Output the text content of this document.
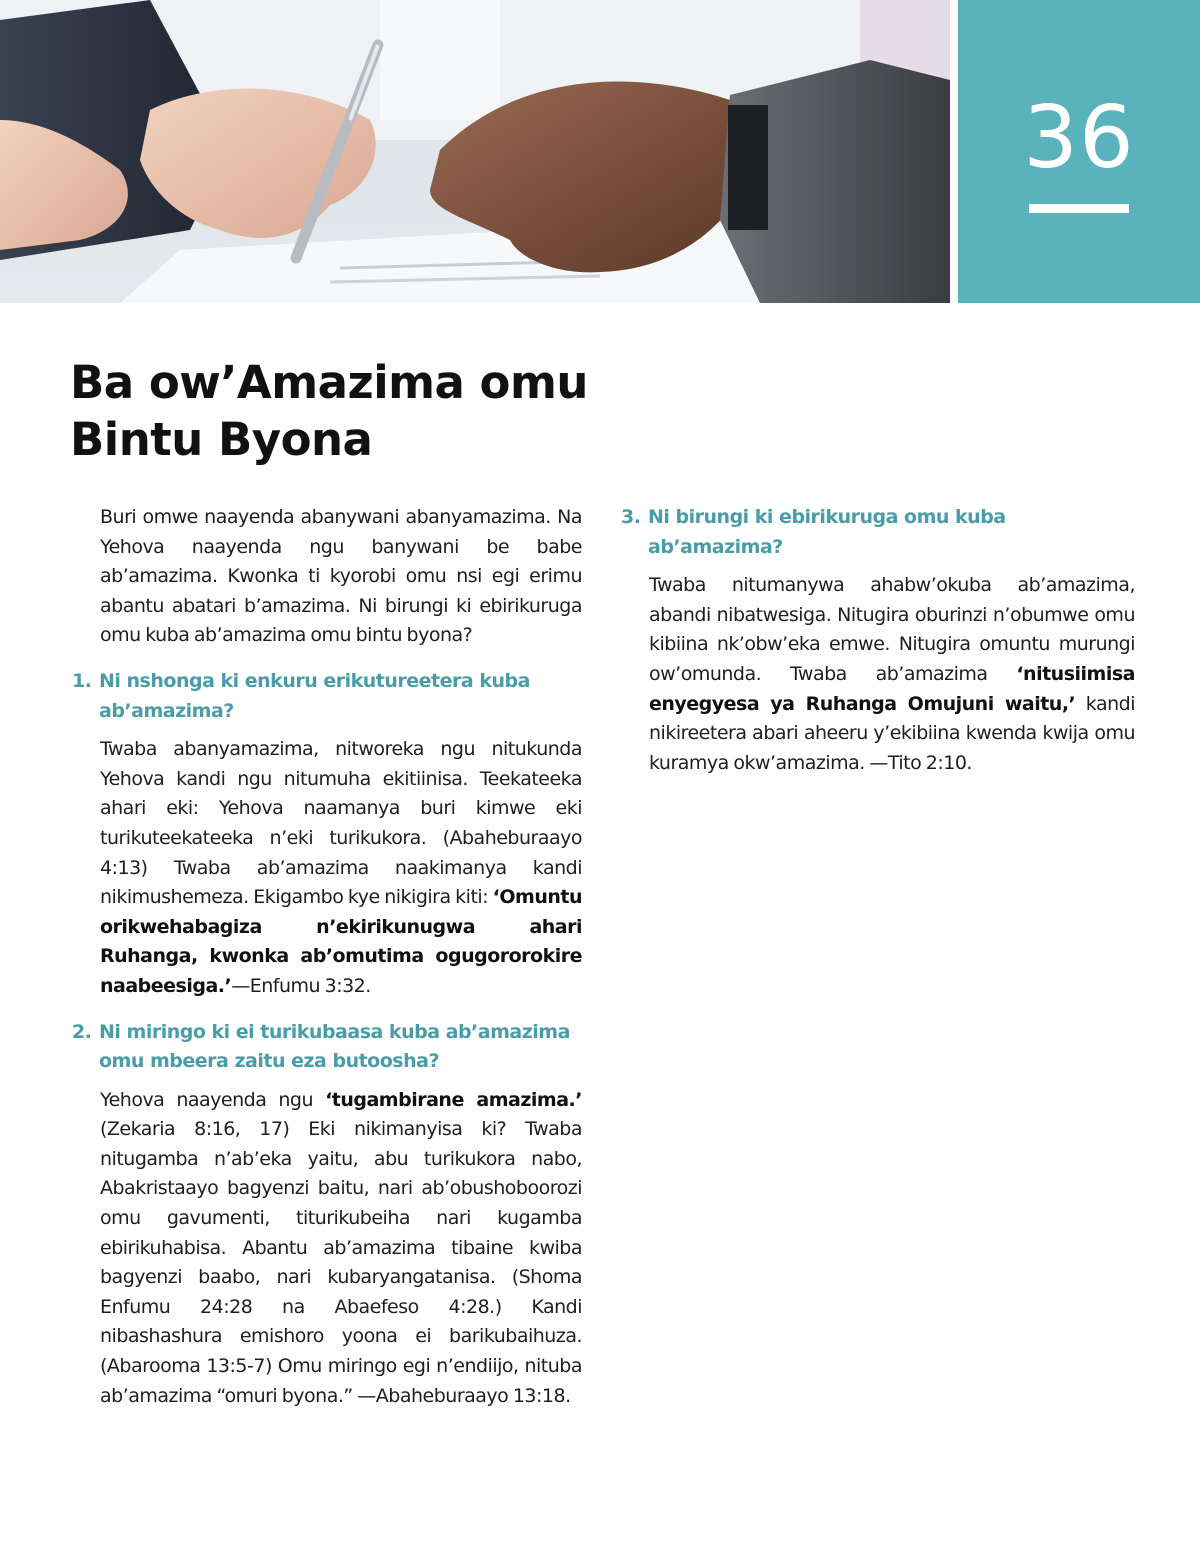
36
Ba ow’Amazima omu
Bintu Byona

Buri omwe naayenda abanywani abanyamazima. Na Yehova naayenda ngu banywani be babe ab’amazima. Kwonka ti kyorobi omu nsi egi erimu abantu abatari b’amazima. Ni birungi ki ebirikuruga omu kuba ab’amazima omu bintu byona?

1. Ni nshonga ki enkuru erikutureetera kuba ab’amazima?

Twaba abanyamazima, nitworeka ngu nitukunda Yehova kandi ngu nitumuha ekitiinisa. Teekateeka ahari eki: Yehova naamanya buri kimwe eki turikuteekateeka n’eki turikukora. (Abaheburaayo 4:13) Twaba ab’amazima naakimanya kandi nikimushemeza. Ekigambo kye nikigira kiti: ‘Omuntu orikwehabagiza n’ekirikunugwa ahari Ruhanga, kwonka ab’omutima ogugororokire naabeesiga.’—Enfumu 3:32.

2. Ni miringo ki ei turikubaasa kuba ab’amazima omu mbeera zaitu eza butoosha?

Yehova naayenda ngu ‘tugambirane amazima.’ (Zekaria 8:16, 17) Eki nikimanyisa ki? Twaba nitugamba n’ab’eka yaitu, abu turikukora nabo, Abakristaayo bagyenzi baitu, nari ab’obushoboorozi omu gavumenti, titurikubeiha nari kugamba ebirikuhabisa. Abantu ab’amazima tibaine kwiba bagyenzi baabo, nari kubaryangatanisa. (Shoma Enfumu 24:28 na Abaefeso 4:28.) Kandi nibashashura emishoro yoona ei barikubaihuza. (Abarooma 13:5-7) Omu miringo egi n’endiijo, nituba ab’amazima “omuri byona.” —Abaheburaayo 13:18.

3. Ni birungi ki ebirikuruga omu kuba ab’amazima?

Twaba nitumanywa ahabw’okuba ab’amazima, abandi nibatwesiga. Nitugira oburinzi n’obumwe omu kibiina nk’obw’eka emwe. Nitugira omuntu murungi ow’omunda. Twaba ab’amazima ‘nitusiimisa enyegyesa ya Ruhanga Omujuni waitu,’ kandi nikireetera abari aheeru y’ekibiina kwenda kwija omu kuramya okw’amazima. —Tito 2:10.
